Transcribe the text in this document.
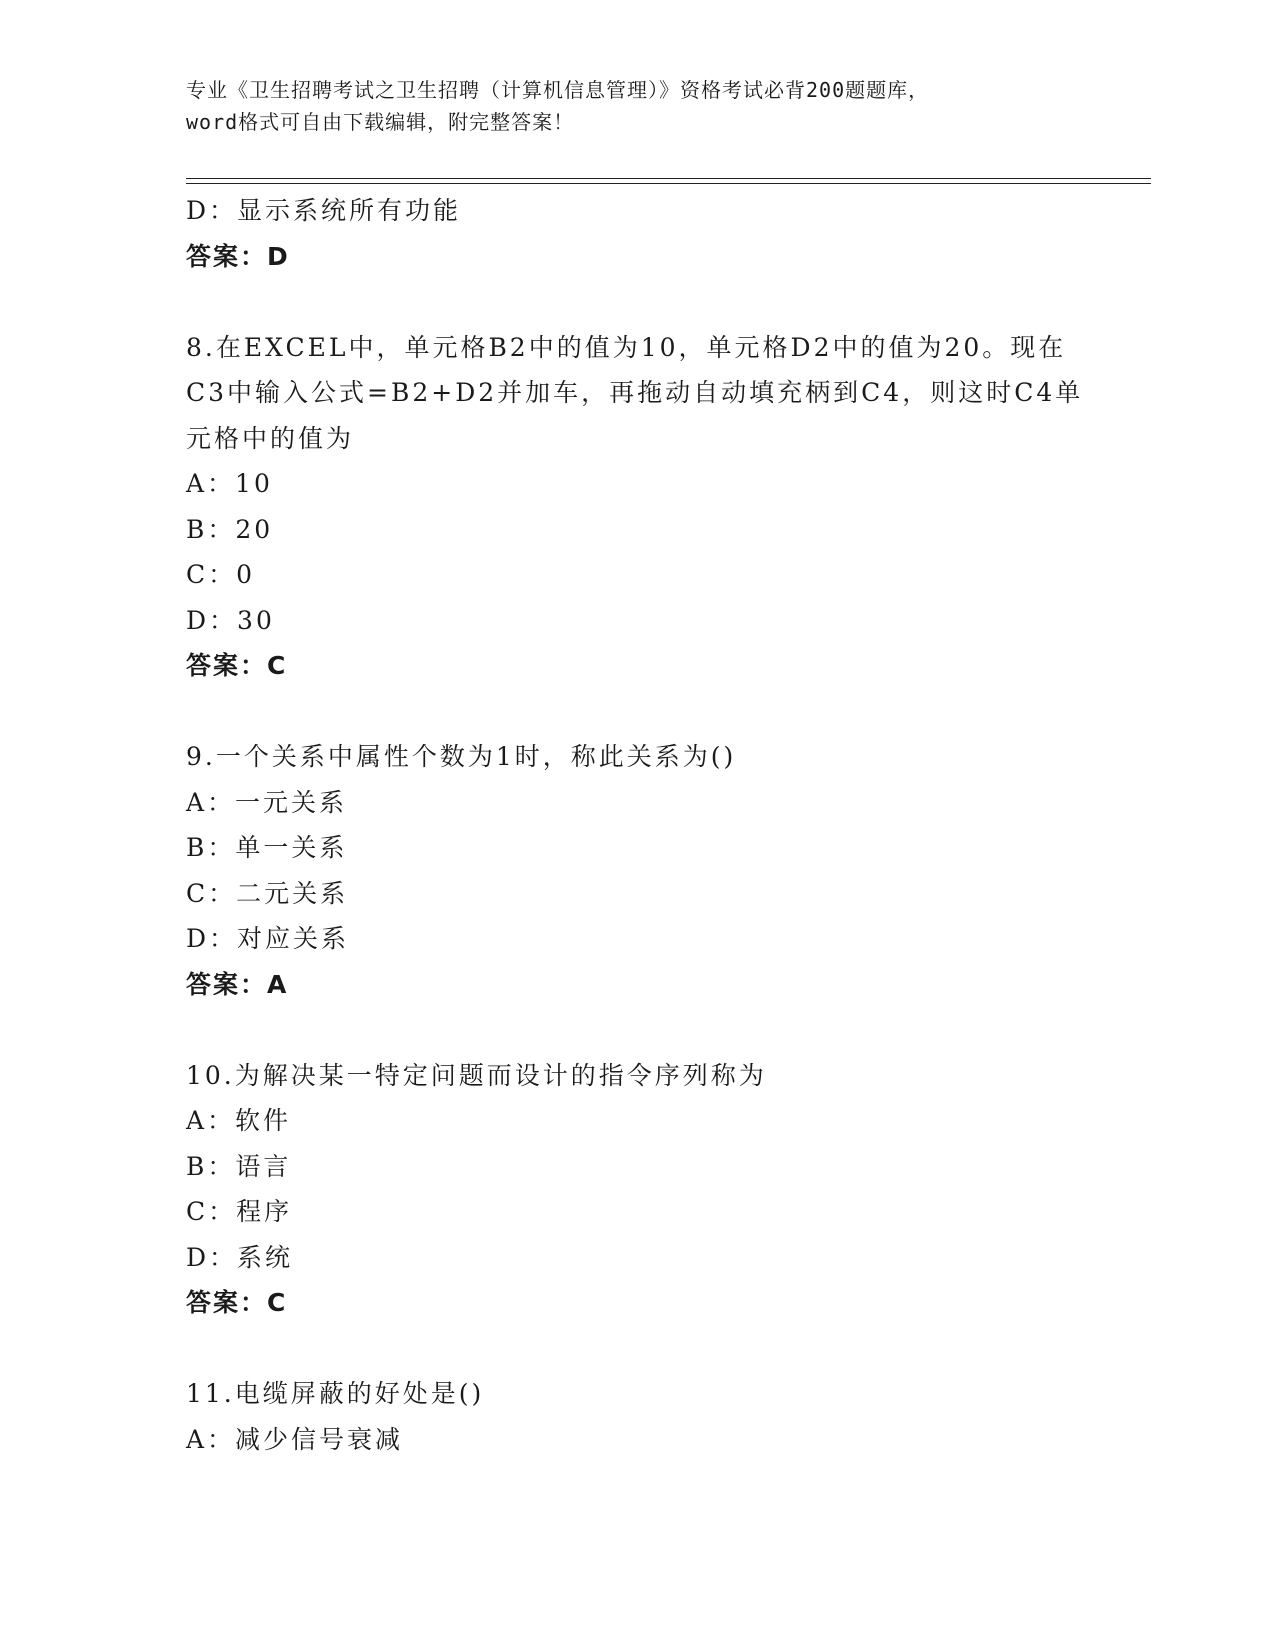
专业《卫生招聘考试之卫生招聘（计算机信息管理）》资格考试必背200题题库，
word格式可自由下载编辑，附完整答案！
D：显示系统所有功能
答案：D
8.在EXCEL中，单元格B2中的值为10，单元格D2中的值为20。现在
C3中输入公式=B2+D2并加车，再拖动自动填充柄到C4，则这时C4单
元格中的值为
A：10
B：20
C：0
D：30
答案：C
9.一个关系中属性个数为1时，称此关系为()
A：一元关系
B：单一关系
C：二元关系
D：对应关系
答案：A
10.为解决某一特定问题而设计的指令序列称为
A：软件
B：语言
C：程序
D：系统
答案：C
11.电缆屏蔽的好处是()
A：减少信号衰减
